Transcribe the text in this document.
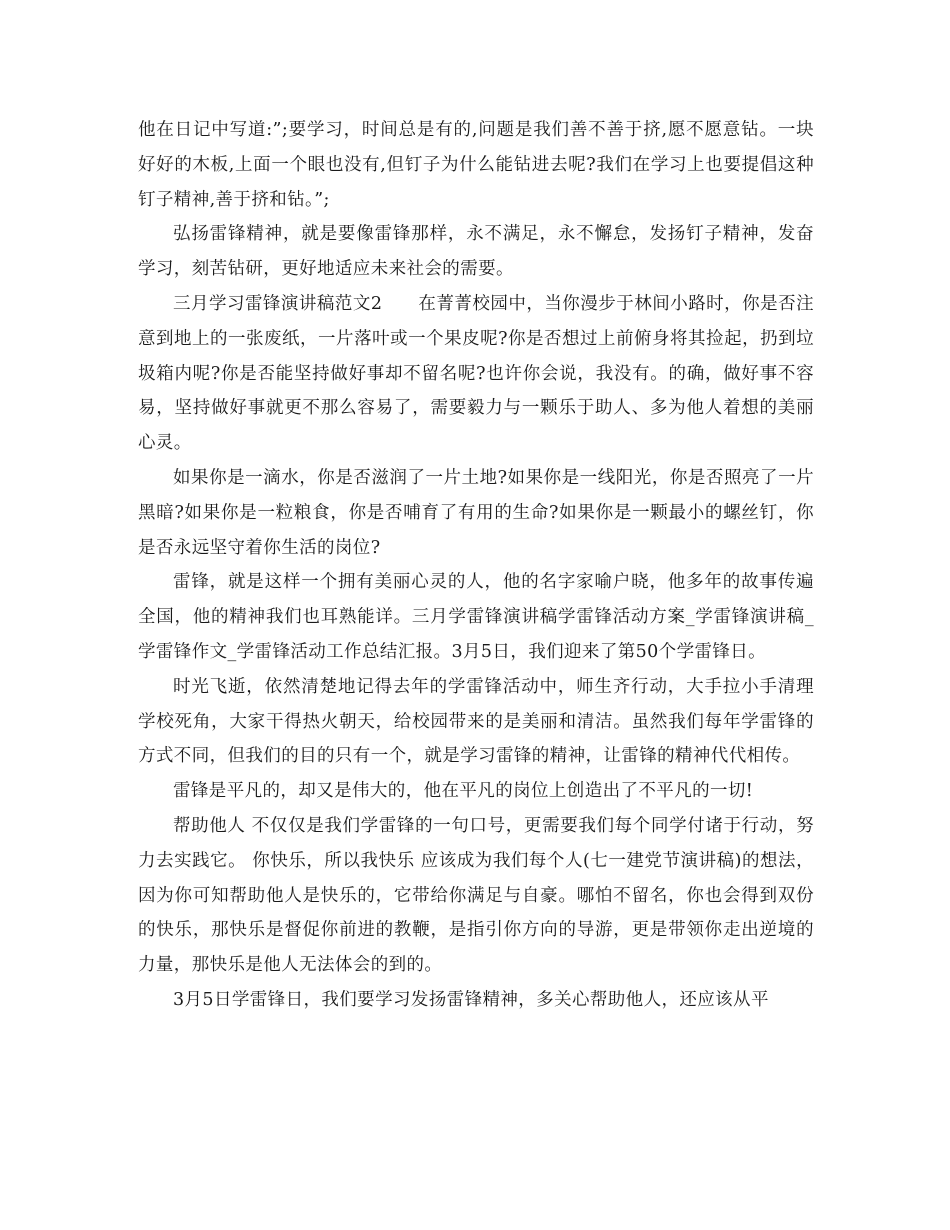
他在日记中写道:”;要学习，时间总是有的,问题是我们善不善于挤,愿不愿意钻。一块好好的木板,上面一个眼也没有,但钉子为什么能钻进去呢?我们在学习上也要提倡这种钉子精神,善于挤和钻。”;

弘扬雷锋精神，就是要像雷锋那样，永不满足，永不懈怠，发扬钉子精神，发奋学习，刻苦钻研，更好地适应未来社会的需要。

三月学习雷锋演讲稿范文2　　在菁菁校园中，当你漫步于林间小路时，你是否注意到地上的一张废纸，一片落叶或一个果皮呢?你是否想过上前俯身将其捡起，扔到垃圾箱内呢?你是否能坚持做好事却不留名呢?也许你会说，我没有。的确，做好事不容易，坚持做好事就更不那么容易了，需要毅力与一颗乐于助人、多为他人着想的美丽心灵。

如果你是一滴水，你是否滋润了一片土地?如果你是一线阳光，你是否照亮了一片黑暗?如果你是一粒粮食，你是否哺育了有用的生命?如果你是一颗最小的螺丝钉，你是否永远坚守着你生活的岗位?

雷锋，就是这样一个拥有美丽心灵的人，他的名字家喻户晓，他多年的故事传遍全国，他的精神我们也耳熟能详。三月学雷锋演讲稿学雷锋活动方案_学雷锋演讲稿_学雷锋作文_学雷锋活动工作总结汇报。3月5日，我们迎来了第50个学雷锋日。

时光飞逝，依然清楚地记得去年的学雷锋活动中，师生齐行动，大手拉小手清理学校死角，大家干得热火朝天，给校园带来的是美丽和清洁。虽然我们每年学雷锋的方式不同，但我们的目的只有一个，就是学习雷锋的精神，让雷锋的精神代代相传。

雷锋是平凡的，却又是伟大的，他在平凡的岗位上创造出了不平凡的一切!

帮助他人 不仅仅是我们学雷锋的一句口号，更需要我们每个同学付诸于行动，努力去实践它。 你快乐，所以我快乐 应该成为我们每个人(七一建党节演讲稿)的想法，因为你可知帮助他人是快乐的，它带给你满足与自豪。哪怕不留名，你也会得到双份的快乐，那快乐是督促你前进的教鞭，是指引你方向的导游，更是带领你走出逆境的力量，那快乐是他人无法体会的到的。

3月5日学雷锋日，我们要学习发扬雷锋精神，多关心帮助他人，还应该从平
